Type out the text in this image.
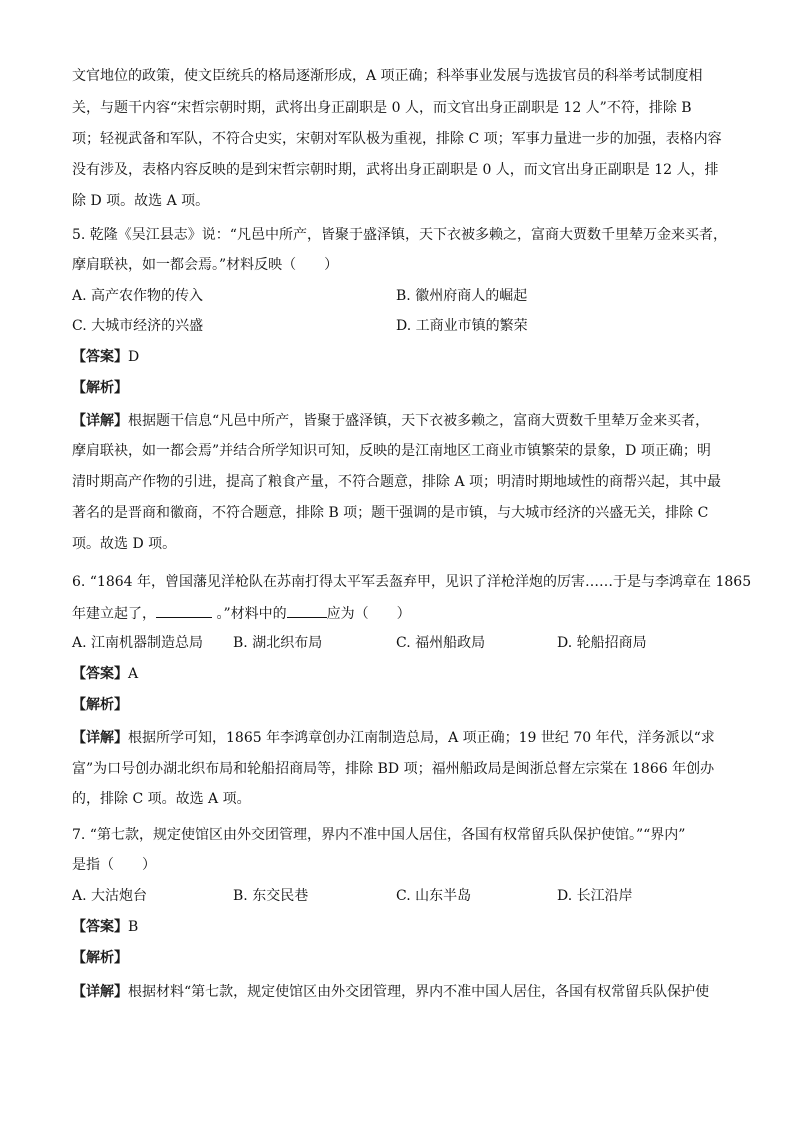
文官地位的政策，使文臣统兵的格局逐渐形成，A 项正确；科举事业发展与选拔官员的科举考试制度相
关，与题干内容“宋哲宗朝时期，武将出身正副职是 0 人，而文官出身正副职是 12 人”不符，排除 B
项；轻视武备和军队，不符合史实，宋朝对军队极为重视，排除 C 项；军事力量进一步的加强，表格内容
没有涉及，表格内容反映的是到宋哲宗朝时期，武将出身正副职是 0 人，而文官出身正副职是 12 人，排
除 D 项。故选 A 项。
5. 乾隆《吴江县志》说：“凡邑中所产，皆聚于盛泽镇，天下衣被多赖之，富商大贾数千里辇万金来买者，
摩肩联袂，如一都会焉。”材料反映（　　）
A. 高产农作物的传入	B. 徽州府商人的崛起
C. 大城市经济的兴盛	D. 工商业市镇的繁荣
【答案】D
【解析】
【详解】根据题干信息“凡邑中所产，皆聚于盛泽镇，天下衣被多赖之，富商大贾数千里辇万金来买者，
摩肩联袂，如一都会焉”并结合所学知识可知，反映的是江南地区工商业市镇繁荣的景象，D 项正确；明
清时期高产作物的引进，提高了粮食产量，不符合题意，排除 A 项；明清时期地域性的商帮兴起，其中最
著名的是晋商和徽商，不符合题意，排除 B 项；题干强调的是市镇，与大城市经济的兴盛无关，排除 C
项。故选 D 项。
6. “1864 年，曾国藩见洋枪队在苏南打得太平军丢盔弃甲，见识了洋枪洋炮的厉害……于是与李鸿章在 1865
年建立起了，	。”材料中的	应为（　　）
A. 江南机器制造总局 B. 湖北织布局	C. 福州船政局	D. 轮船招商局
【答案】A
【解析】
【详解】根据所学可知，1865 年李鸿章创办江南制造总局，A 项正确；19 世纪 70 年代，洋务派以“求
富”为口号创办湖北织布局和轮船招商局等，排除 BD 项；福州船政局是闽浙总督左宗棠在 1866 年创办
的，排除 C 项。故选 A 项。
7. “第七款，规定使馆区由外交团管理，界内不准中国人居住，各国有权常留兵队保护使馆。”“界内”
是指（　　）
A. 大沽炮台	B. 东交民巷	C. 山东半岛	D. 长江沿岸
【答案】B
【解析】
【详解】根据材料“第七款，规定使馆区由外交团管理，界内不准中国人居住，各国有权常留兵队保护使
